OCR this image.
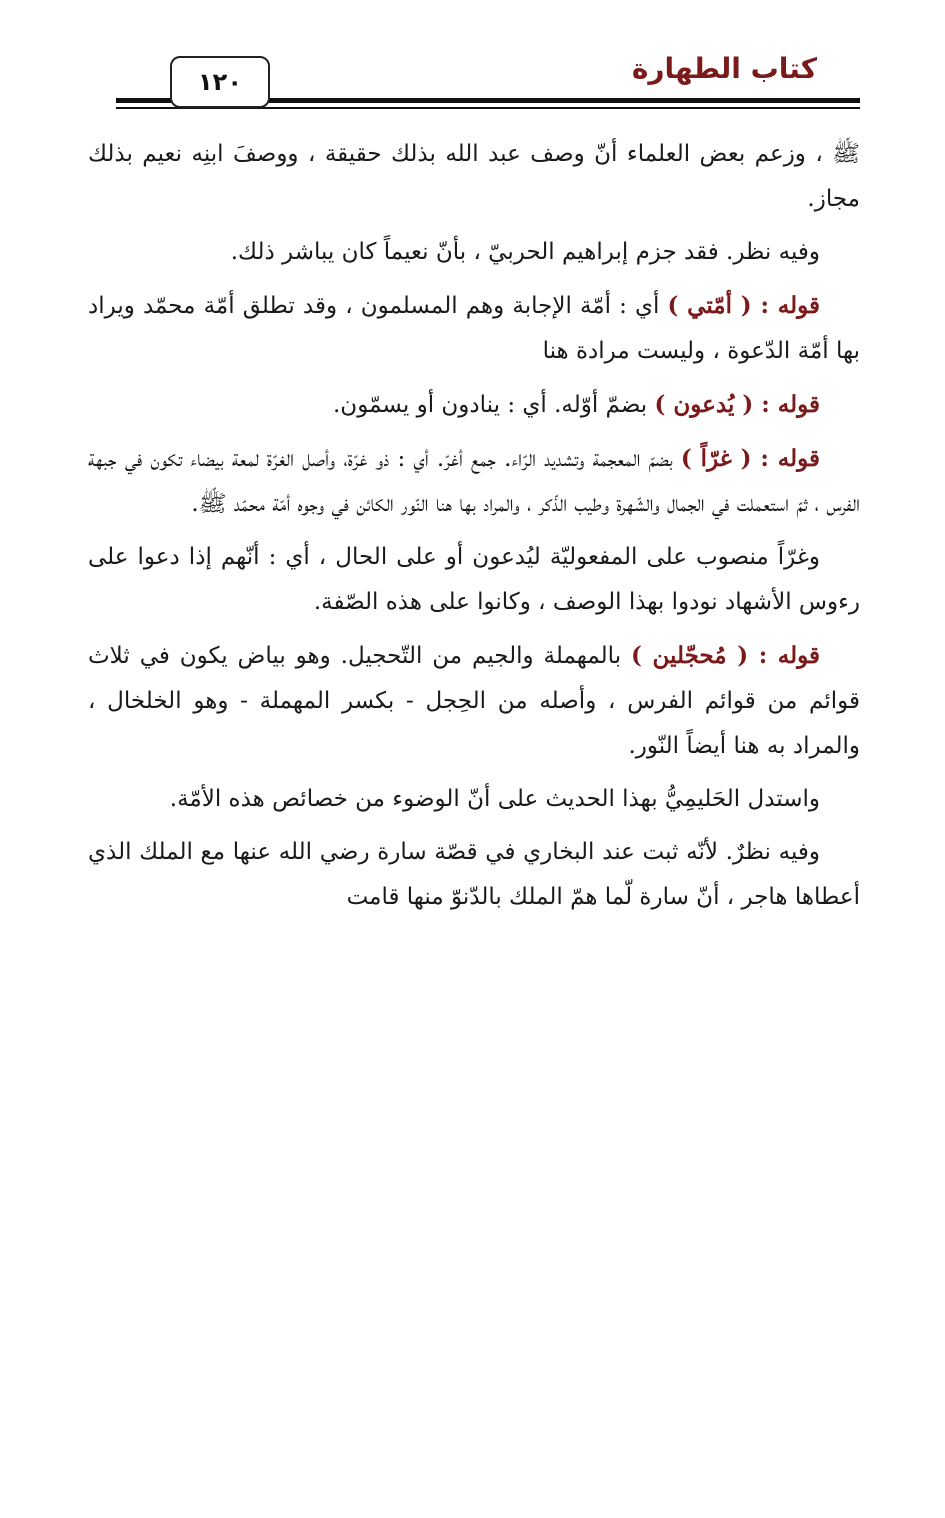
كتاب الطهارة
١٢٠

ﷺ ، وزعم بعض العلماء أنّ وصف عبد الله بذلك حقيقة ، ووصفَ ابنِه نعيم بذلك مجاز.

وفيه نظر. فقد جزم إبراهيم الحربيّ ، بأنّ نعيماً كان يباشر ذلك.

قوله : ( أمّتي ) أي : أمّة الإجابة وهم المسلمون ، وقد تطلق أمّة محمّد ويراد بها أمّة الدّعوة ، وليست مرادة هنا

قوله : ( يُدعون ) بضمّ أوّله. أي : ينادون أو يسمّون.

قوله : ( غرّاً ) بضمّ المعجمة وتشديد الرّاء. جمع أغرّ. أي : ذو غرّة، وأصل الغرّة لمعة بيضاء تكون في جبهة الفرس ، ثمّ استعملت في الجمال والشّهرة وطيب الذّكر ، والمراد بها هنا النّور الكائن في وجوه أمّة محمّد ﷺ.

وغرّاً منصوب على المفعوليّة ليُدعون أو على الحال ، أي : أنّهم إذا دعوا على رءوس الأشهاد نودوا بهذا الوصف ، وكانوا على هذه الصّفة.

قوله : ( مُحجّلين ) بالمهملة والجيم من التّحجيل. وهو بياض يكون في ثلاث قوائم من قوائم الفرس ، وأصله من الحِجل - بكسر المهملة - وهو الخلخال ، والمراد به هنا أيضاً النّور.

واستدل الحَليمِيُّ بهذا الحديث على أنّ الوضوء من خصائص هذه الأمّة.

وفيه نظرٌ. لأنّه ثبت عند البخاري في قصّة سارة رضي الله عنها مع الملك الذي أعطاها هاجر ، أنّ سارة لّما همّ الملك بالدّنوّ منها قامت
